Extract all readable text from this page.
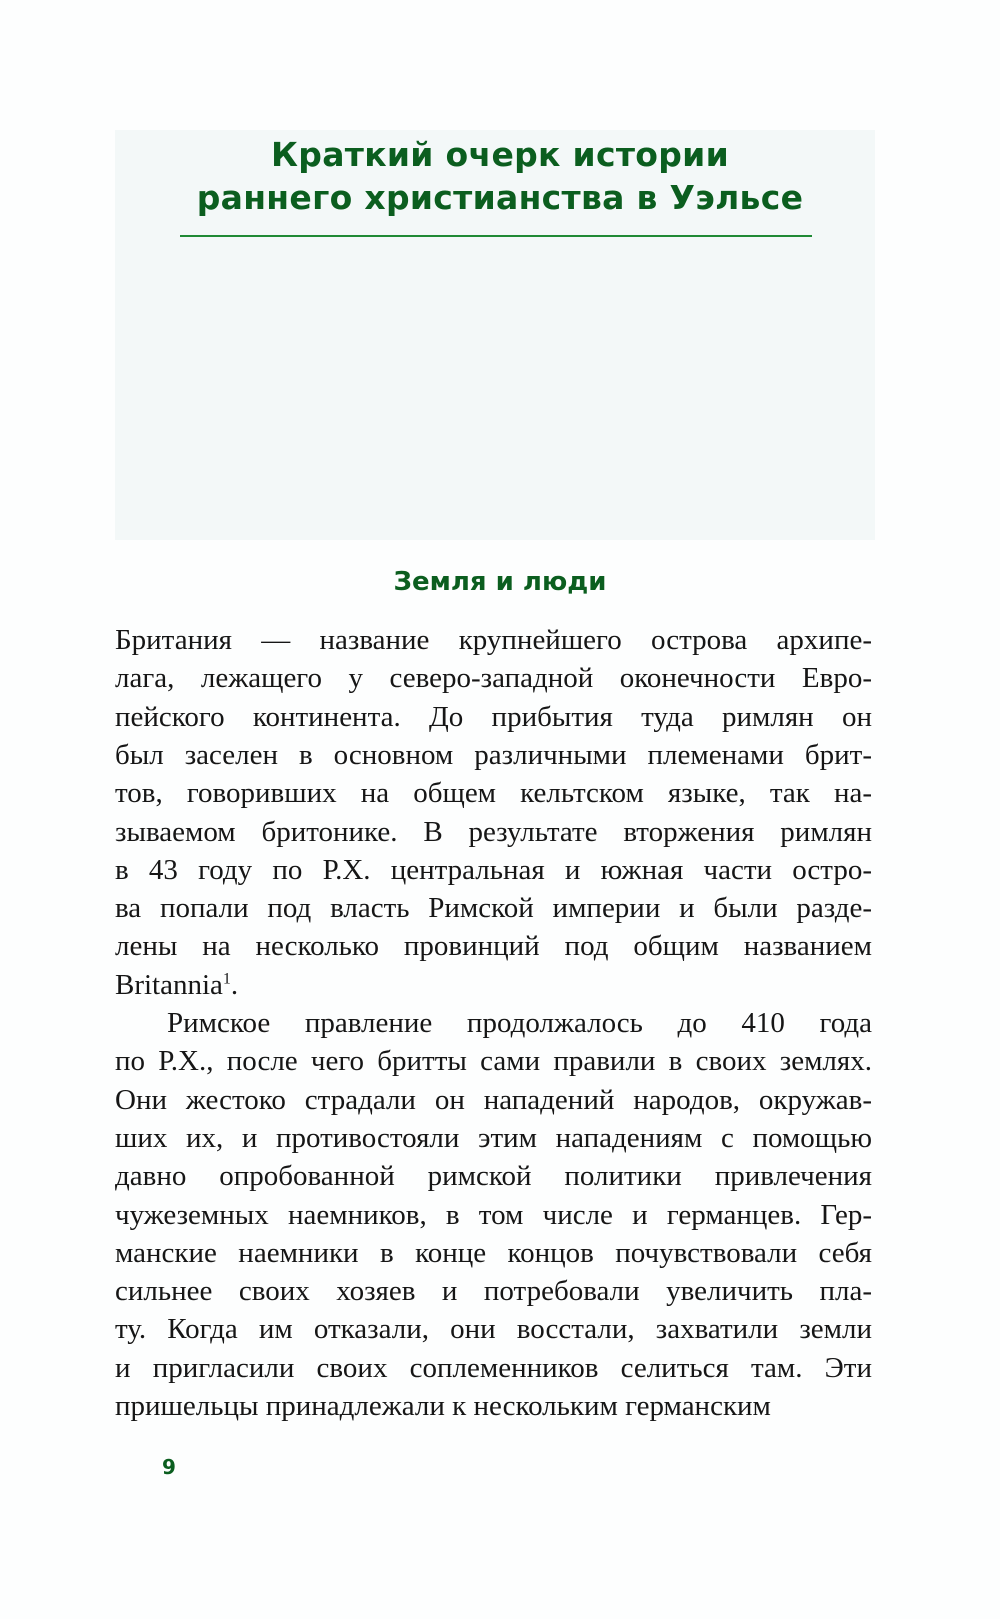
Краткий очерк истории
раннего христианства в Уэльсе
Земля и люди
Британия — название крупнейшего острова архипе-
лага, лежащего у северо-западной оконечности Евро-
пейского континента. До прибытия туда римлян он
был заселен в основном различными племенами брит-
тов, говоривших на общем кельтском языке, так на-
зываемом бритонике. В результате вторжения римлян
в 43 году по Р.Х. центральная и южная части остро-
ва попали под власть Римской империи и были разде-
лены на несколько провинций под общим названием
Britannia$^1$.
Римское правление продолжалось до 410 года
по Р.Х., после чего бритты сами правили в своих землях.
Они жестоко страдали он нападений народов, окружав-
ших их, и противостояли этим нападениям с помощью
давно опробованной римской политики привлечения
чужеземных наемников, в том числе и германцев. Гер-
манские наемники в конце концов почувствовали себя
сильнее своих хозяев и потребовали увеличить пла-
ту. Когда им отказали, они восстали, захватили земли
и пригласили своих соплеменников селиться там. Эти
пришельцы принадлежали к нескольким германским
9
